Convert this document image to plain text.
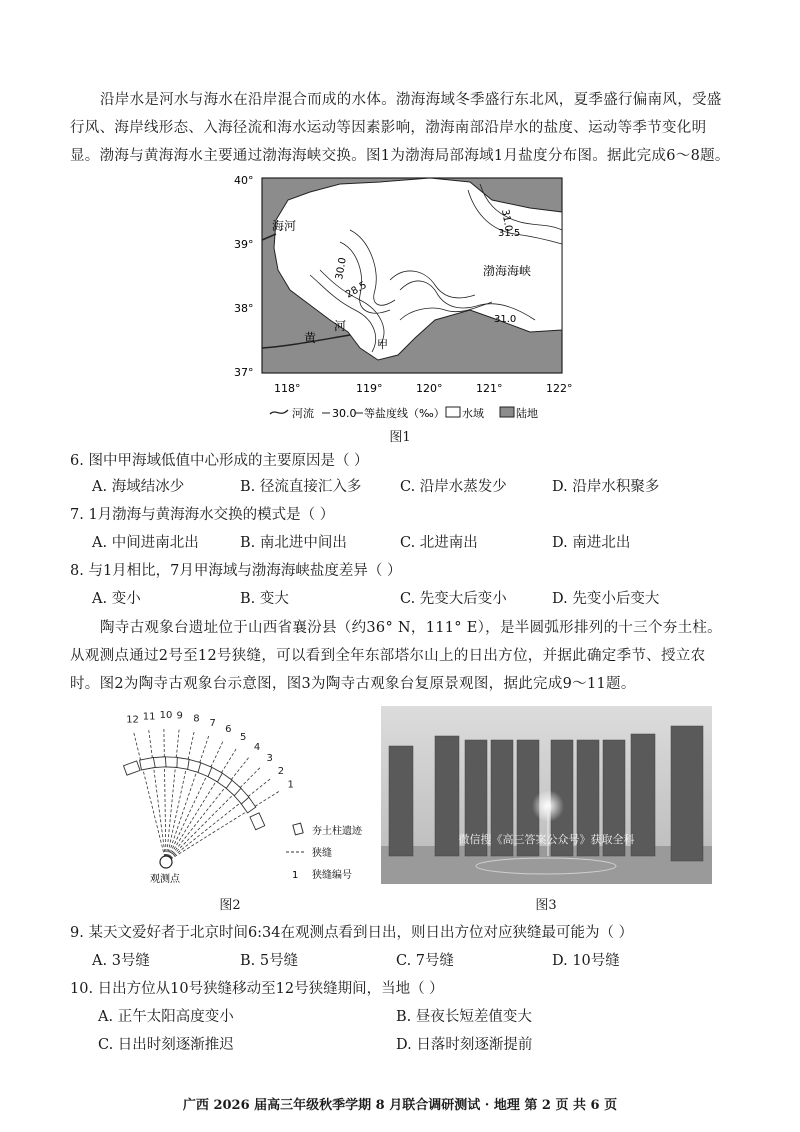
沿岸水是河水与海水在沿岸混合而成的水体。渤海海域冬季盛行东北风，夏季盛行偏南风，受盛行风、海岸线形态、入海径流和海水运动等因素影响，渤海南部沿岸水的盐度、运动等季节变化明显。渤海与黄海海水主要通过渤海海峡交换。图1为渤海局部海域1月盐度分布图。据此完成6～8题。
海河
渤海海峡
黄
河
甲
31.0
31.5
30.0
28.5
31.0
40°
39°
38°
37°
118°	119°	120°	121°	122°
河流 30.0 等盐度线（‰） 水域	陆地
图1
6. 图中甲海域低值中心形成的主要原因是（ ）
A. 海域结冰少	B. 径流直接汇入多	C. 沿岸水蒸发少	D. 沿岸水积聚多
7. 1月渤海与黄海海水交换的模式是（ ）
A. 中间进南北出	B. 南北进中间出	C. 北进南出	D. 南进北出
8. 与1月相比，7月甲海域与渤海海峡盐度差异（ ）
A. 变小	B. 变大	C. 先变大后变小	D. 先变小后变大
陶寺古观象台遗址位于山西省襄汾县（约36° N，111° E），是半圆弧形排列的十三个夯土柱。从观测点通过2号至12号狭缝，可以看到全年东部塔尔山上的日出方位，并据此确定季节、授立农时。图2为陶寺古观象台示意图，图3为陶寺古观象台复原景观图，据此完成9～11题。
1
2
3
4
5
6
7
8
9
10
11
12
观测点
夯土柱遗迹
狭缝
1 狭缝编号
图2
微信搜《高三答案公众号》获取全科
图3
9. 某天文爱好者于北京时间6:34在观测点看到日出，则日出方位对应狭缝最可能为（ ）
A. 3号缝	B. 5号缝	C. 7号缝	D. 10号缝
10. 日出方位从10号狭缝移动至12号狭缝期间，当地（ ）
A. 正午太阳高度变小	B. 昼夜长短差值变大
C. 日出时刻逐渐推迟	D. 日落时刻逐渐提前
广西 2026 届高三年级秋季学期 8 月联合调研测试 · 地理 第 2 页 共 6 页
